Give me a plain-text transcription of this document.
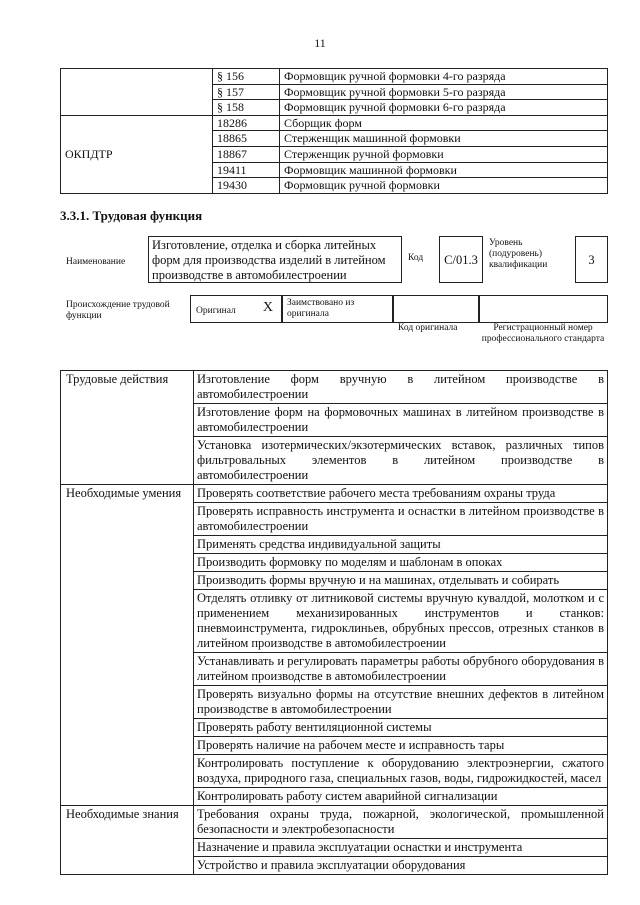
11
	§ 156	Формовщик ручной формовки 4-го разряда
	§ 157	Формовщик ручной формовки 5-го разряда
	§ 158	Формовщик ручной формовки 6-го разряда
ОКПДТР	18286	Сборщик форм
	18865	Стерженщик машинной формовки
	18867	Стерженщик ручной формовки
	19411	Формовщик машинной формовки
	19430	Формовщик ручной формовки
3.3.1. Трудовая функция
Наименование
Изготовление, отделка и сборка литейных форм для производства изделий в литейном производстве в автомобилестроении
Код	С/01.3
Уровень (подуровень) квалификации	3
Происхождение трудовой функции	Оригинал X Заимствовано из оригинала
Код оригинала	Регистрационный номер профессионального стандарта
Трудовые действия	Изготовление форм вручную в литейном производстве в автомобилестроении
	Изготовление форм на формовочных машинах в литейном производстве в автомобилестроении
	Установка изотермических/экзотермических вставок, различных типов фильтровальных элементов в литейном производстве в автомобилестроении
Необходимые умения	Проверять соответствие рабочего места требованиям охраны труда
	Проверять исправность инструмента и оснастки в литейном производстве в автомобилестроении
	Применять средства индивидуальной защиты
	Производить формовку по моделям и шаблонам в опоках
	Производить формы вручную и на машинах, отделывать и собирать
	Отделять отливку от литниковой системы вручную кувалдой, молотком и с применением механизированных инструментов и станков: пневмоинструмента, гидроклиньев, обрубных прессов, отрезных станков в литейном производстве в автомобилестроении
	Устанавливать и регулировать параметры работы обрубного оборудования в литейном производстве в автомобилестроении
	Проверять визуально формы на отсутствие внешних дефектов в литейном производстве в автомобилестроении
	Проверять работу вентиляционной системы
	Проверять наличие на рабочем месте и исправность тары
	Контролировать поступление к оборудованию электроэнергии, сжатого воздуха, природного газа, специальных газов, воды, гидрожидкостей, масел
	Контролировать работу систем аварийной сигнализации
Необходимые знания	Требования охраны труда, пожарной, экологической, промышленной безопасности и электробезопасности
	Назначение и правила эксплуатации оснастки и инструмента
	Устройство и правила эксплуатации оборудования
